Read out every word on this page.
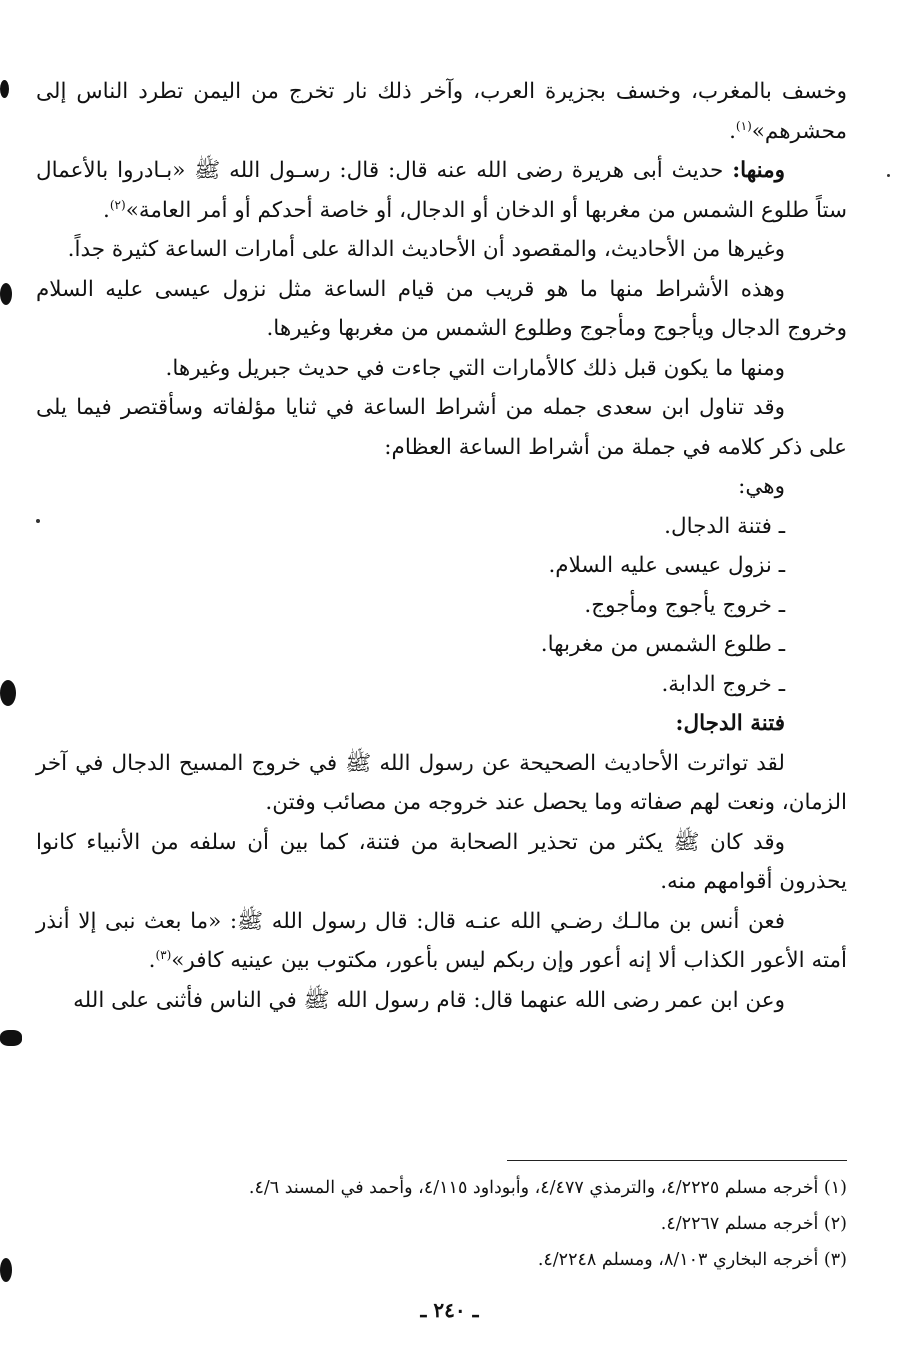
وخسف بالمغرب، وخسف بجزيرة العرب، وآخر ذلك نار تخرج من اليمن تطرد الناس إلى محشرهم»$^{(١)}$.

ومنها: حديث أبى هريرة رضى الله عنه قال: قال: رسـول الله ﷺ «بـادروا بالأعمال ستاً طلوع الشمس من مغربها أو الدخان أو الدجال، أو خاصة أحدكم أو أمر العامة»$^{(٢)}$.

وغيرها من الأحاديث، والمقصود أن الأحاديث الدالة على أمارات الساعة كثيرة جداً.

وهذه الأشراط منها ما هو قريب من قيام الساعة مثل نزول عيسى عليه السلام وخروج الدجال ويأجوج ومأجوج وطلوع الشمس من مغربها وغيرها.

ومنها ما يكون قبل ذلك كالأمارات التي جاءت في حديث جبريل وغيرها.

وقد تناول ابن سعدى جمله من أشراط الساعة في ثنايا مؤلفاته وسأقتصر فيما يلى على ذكر كلامه في جملة من أشراط الساعة العظام:

وهي:

ـ فتنة الدجال.
ـ نزول عيسى عليه السلام.
ـ خروج يأجوج ومأجوج.
ـ طلوع الشمس من مغربها.
ـ خروج الدابة.

فتنة الدجال:

لقد تواترت الأحاديث الصحيحة عن رسول الله ﷺ في خروج المسيح الدجال في آخر الزمان، ونعت لهم صفاته وما يحصل عند خروجه من مصائب وفتن.

وقد كان ﷺ يكثر من تحذير الصحابة من فتنة، كما بين أن سلفه من الأنبياء كانوا يحذرون أقوامهم منه.

فعن أنس بن مالـك رضـي الله عنـه قال: قال رسول الله ﷺ: «ما بعث نبى إلا أنذر أمته الأعور الكذاب ألا إنه أعور وإن ربكم ليس بأعور، مكتوب بين عينيه كافر»$^{(٣)}$.

وعن ابن عمر رضى الله عنهما قال: قام رسول الله ﷺ في الناس فأثنى على الله

(١) أخرجه مسلم ٤/٢٢٢٥، والترمذي ٤/٤٧٧، وأبوداود ٤/١١٥، وأحمد في المسند ٤/٦.
(٢) أخرجه مسلم ٤/٢٢٦٧.
(٣) أخرجه البخاري ٨/١٠٣، ومسلم ٤/٢٢٤٨.
ـ ٢٤٠ ـ
